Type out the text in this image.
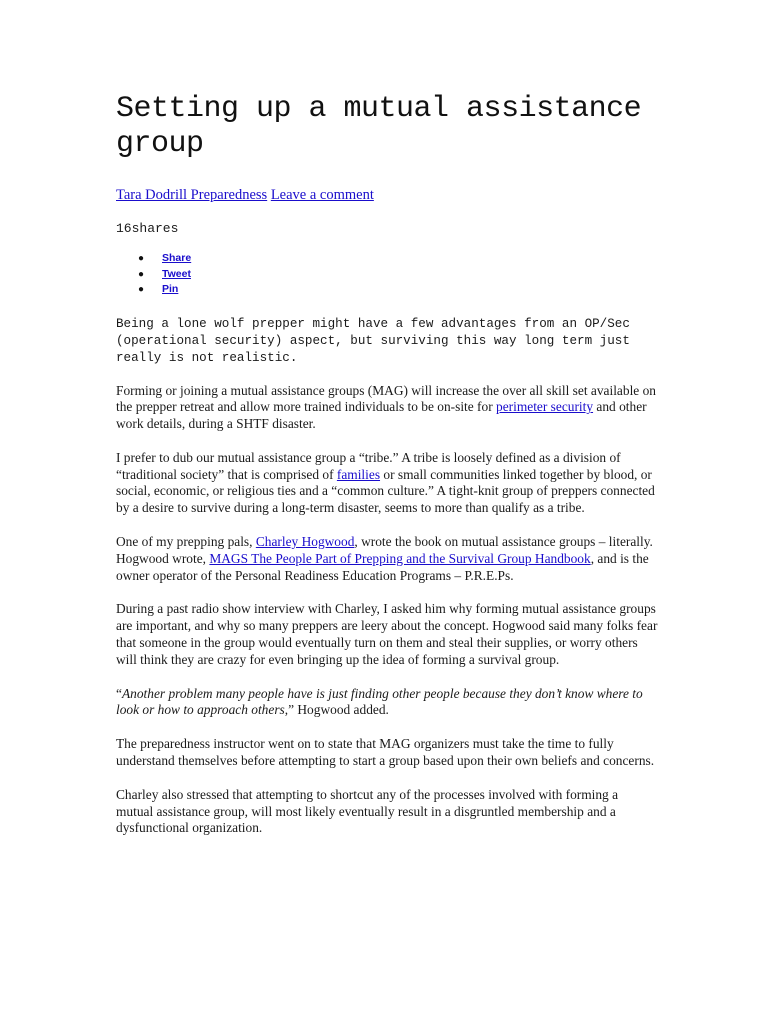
Setting up a mutual assistance group
Tara Dodrill Preparedness Leave a comment
16shares
● Share
● Tweet
● Pin
Being a lone wolf prepper might have a few advantages from an OP/Sec (operational security) aspect, but surviving this way long term just really is not realistic.

Forming or joining a mutual assistance groups (MAG) will increase the over all skill set available on the prepper retreat and allow more trained individuals to be on-site for perimeter security and other work details, during a SHTF disaster.

I prefer to dub our mutual assistance group a “tribe.” A tribe is loosely defined as a division of “traditional society” that is comprised of families or small communities linked together by blood, or social, economic, or religious ties and a “common culture.” A tight-knit group of preppers connected by a desire to survive during a long-term disaster, seems to more than qualify as a tribe.

One of my prepping pals, Charley Hogwood, wrote the book on mutual assistance groups – literally. Hogwood wrote, MAGS The People Part of Prepping and the Survival Group Handbook, and is the owner operator of the Personal Readiness Education Programs – P.R.E.Ps.

During a past radio show interview with Charley, I asked him why forming mutual assistance groups are important, and why so many preppers are leery about the concept. Hogwood said many folks fear that someone in the group would eventually turn on them and steal their supplies, or worry others will think they are crazy for even bringing up the idea of forming a survival group.

“Another problem many people have is just finding other people because they don’t know where to look or how to approach others,” Hogwood added.

The preparedness instructor went on to state that MAG organizers must take the time to fully understand themselves before attempting to start a group based upon their own beliefs and concerns.

Charley also stressed that attempting to shortcut any of the processes involved with forming a mutual assistance group, will most likely eventually result in a disgruntled membership and a dysfunctional organization.
